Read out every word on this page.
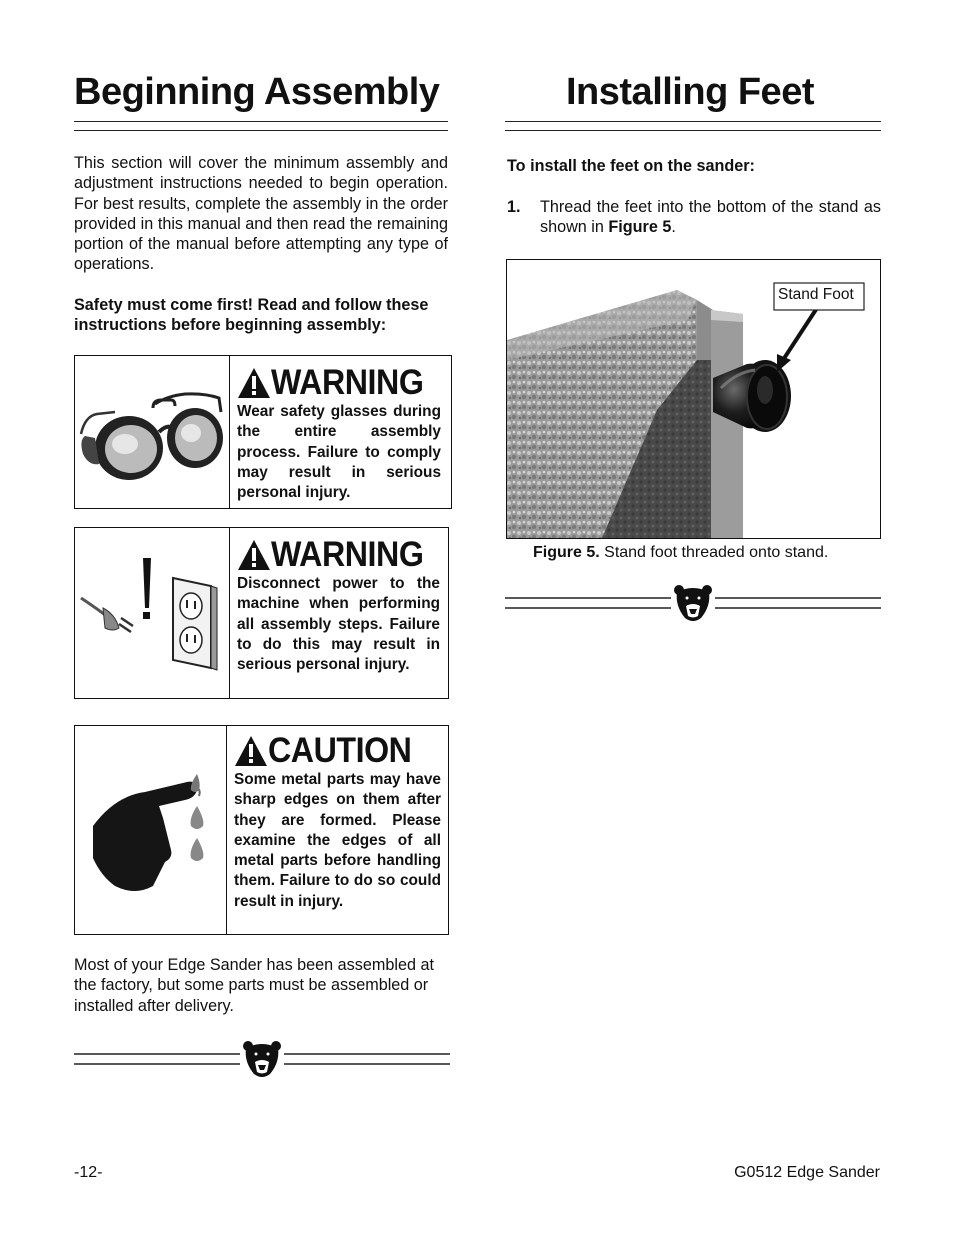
Beginning Assembly

This section will cover the minimum assembly and adjustment instructions needed to begin operation. For best results, complete the assembly in the order provided in this manual and then read the remaining portion of the manual before attempting any type of operations.

Safety must come first! Read and follow these instructions before beginning assembly:

WARNING

Wear safety glasses during the entire assembly process. Failure to comply may result in serious personal injury.

WARNING

Disconnect power to the machine when performing all assembly steps. Failure to do this may result in serious personal injury.

CAUTION

Some metal parts may have sharp edges on them after they are formed. Please examine the edges of all metal parts before handling them. Failure to do so could result in injury.

Most of your Edge Sander has been assembled at the factory, but some parts must be assembled or installed after delivery.

Installing Feet

To install the feet on the sander:

1. Thread the feet into the bottom of the stand as shown in Figure 5.

Stand Foot

Figure 5. Stand foot threaded onto stand.

-12-	G0512 Edge Sander
